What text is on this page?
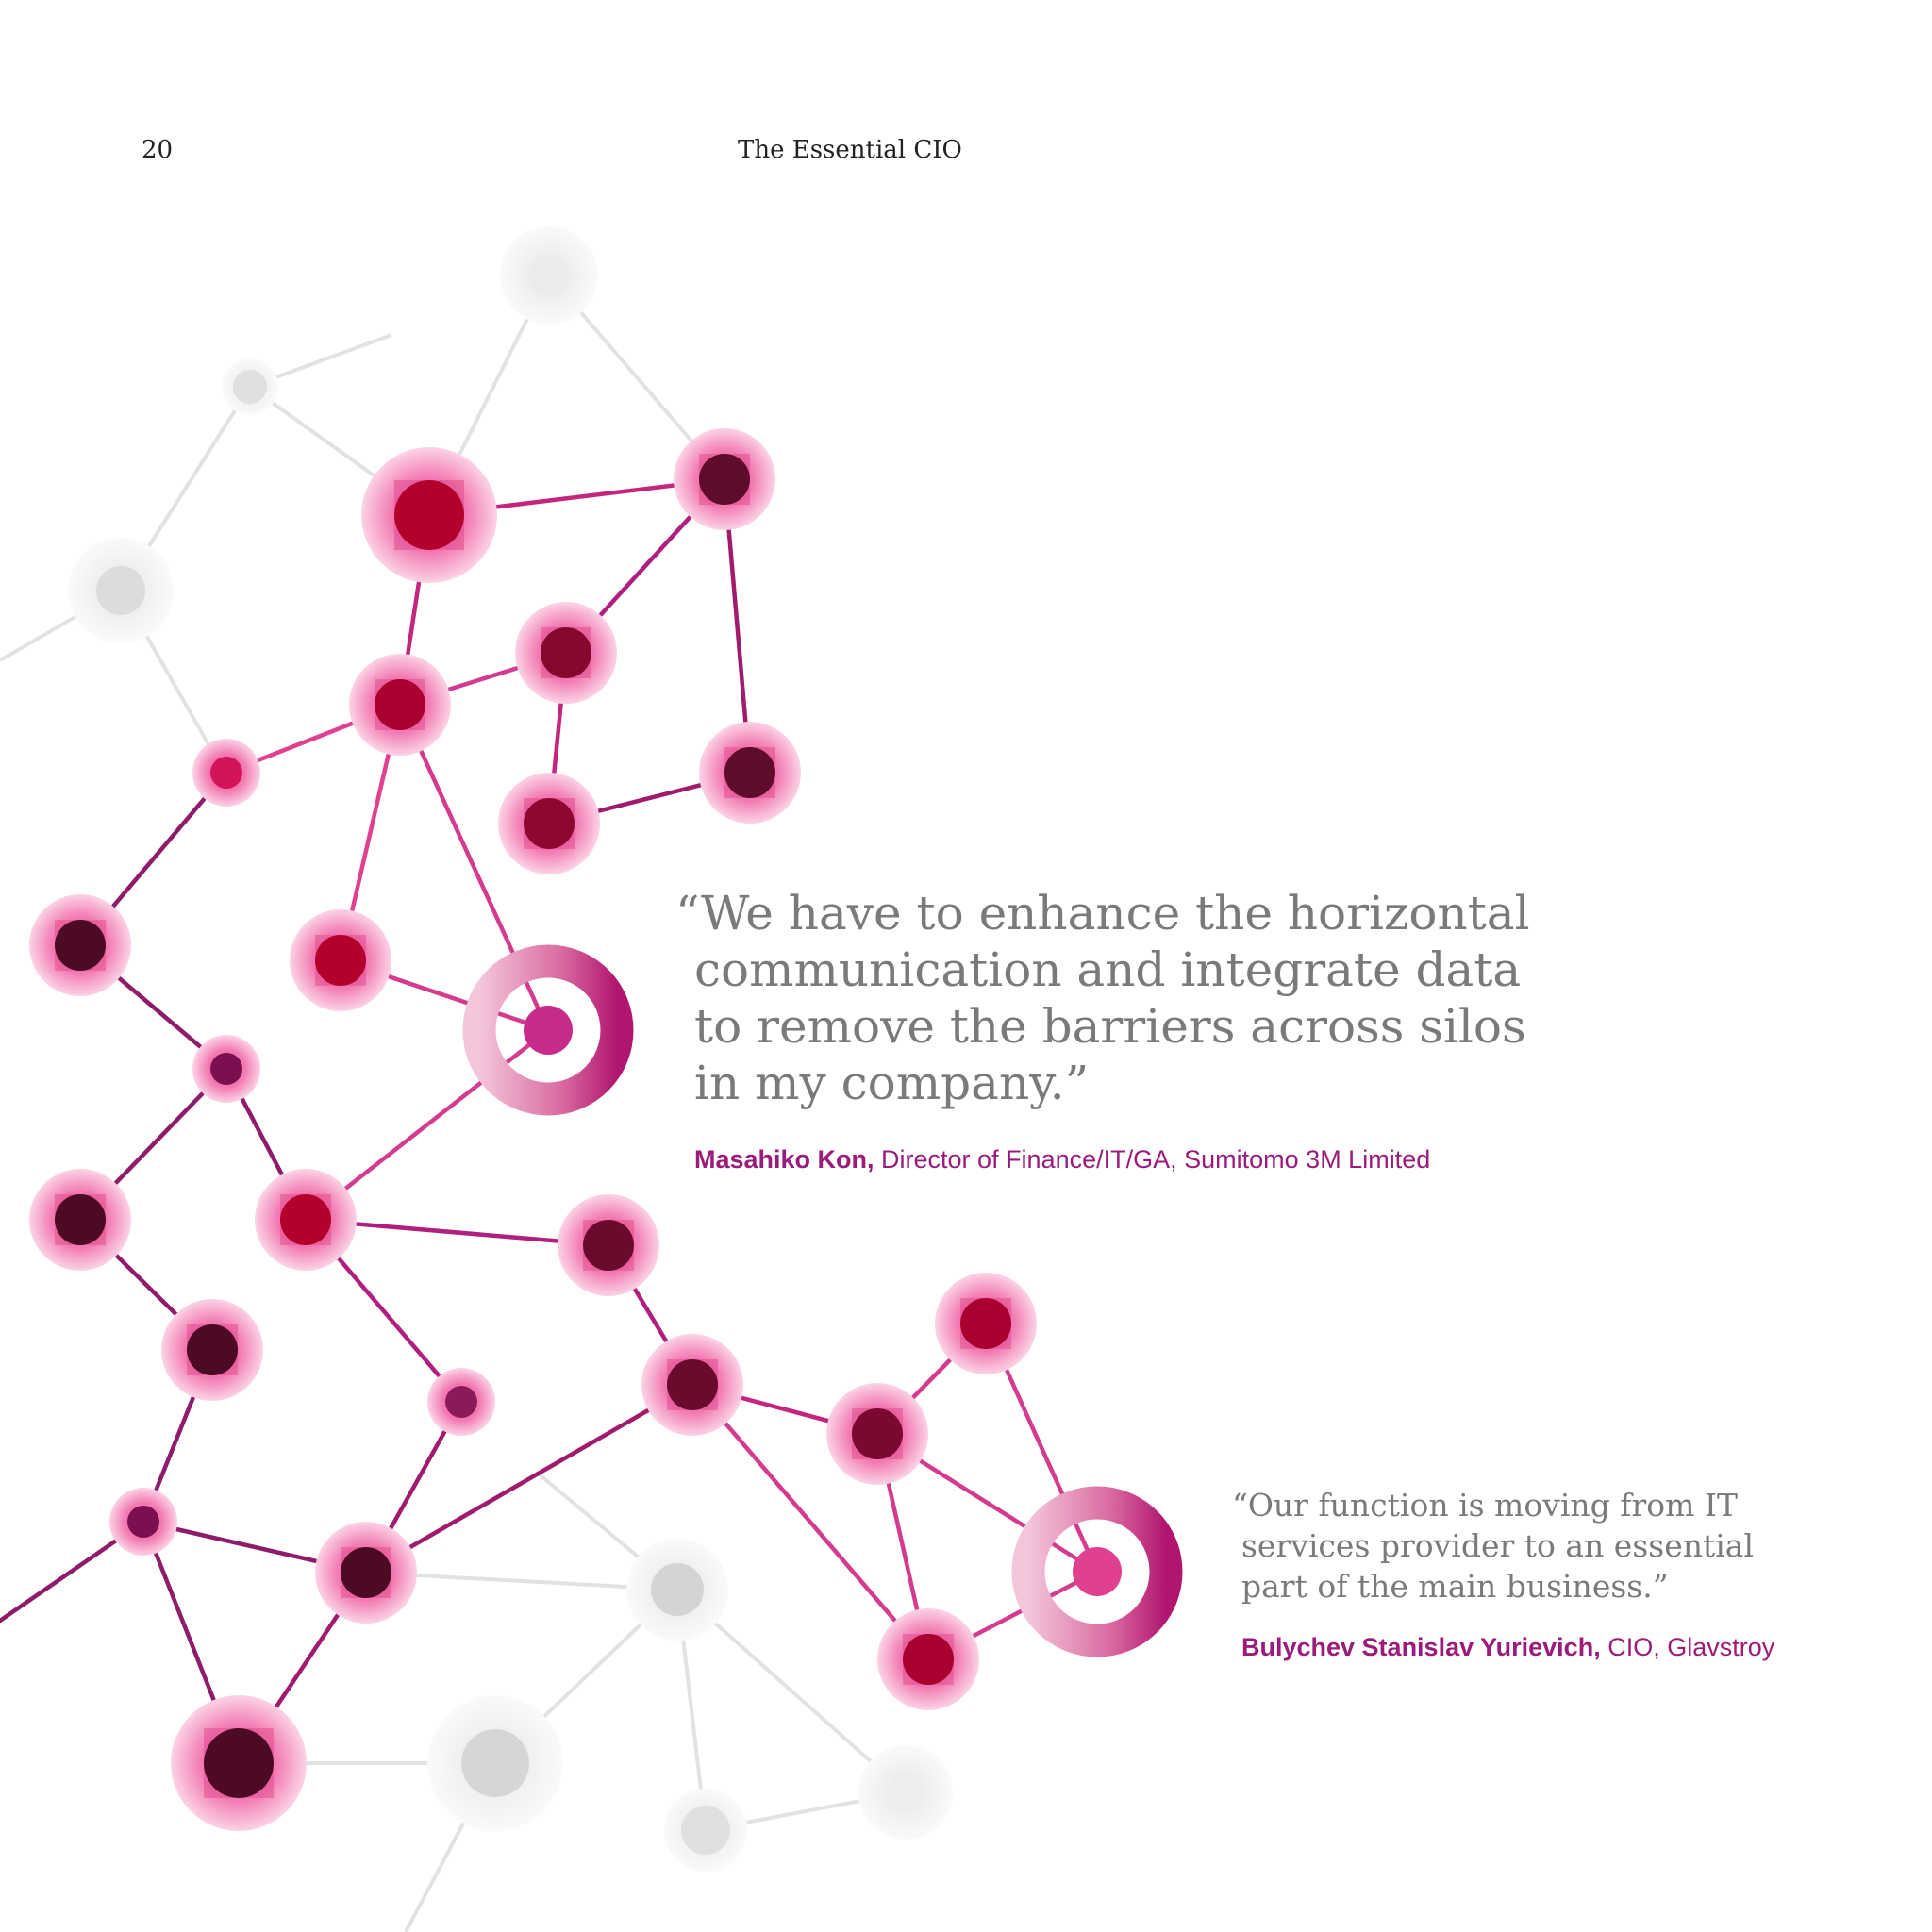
20	The Essential CIO
“We have to enhance the horizontal communication and integrate data to remove the barriers across silos in my company.”
Masahiko Kon, Director of Finance/IT/GA, Sumitomo 3M Limited
“Our function is moving from IT services provider to an essential part of the main business.”
Bulychev Stanislav Yurievich, CIO, Glavstroy
